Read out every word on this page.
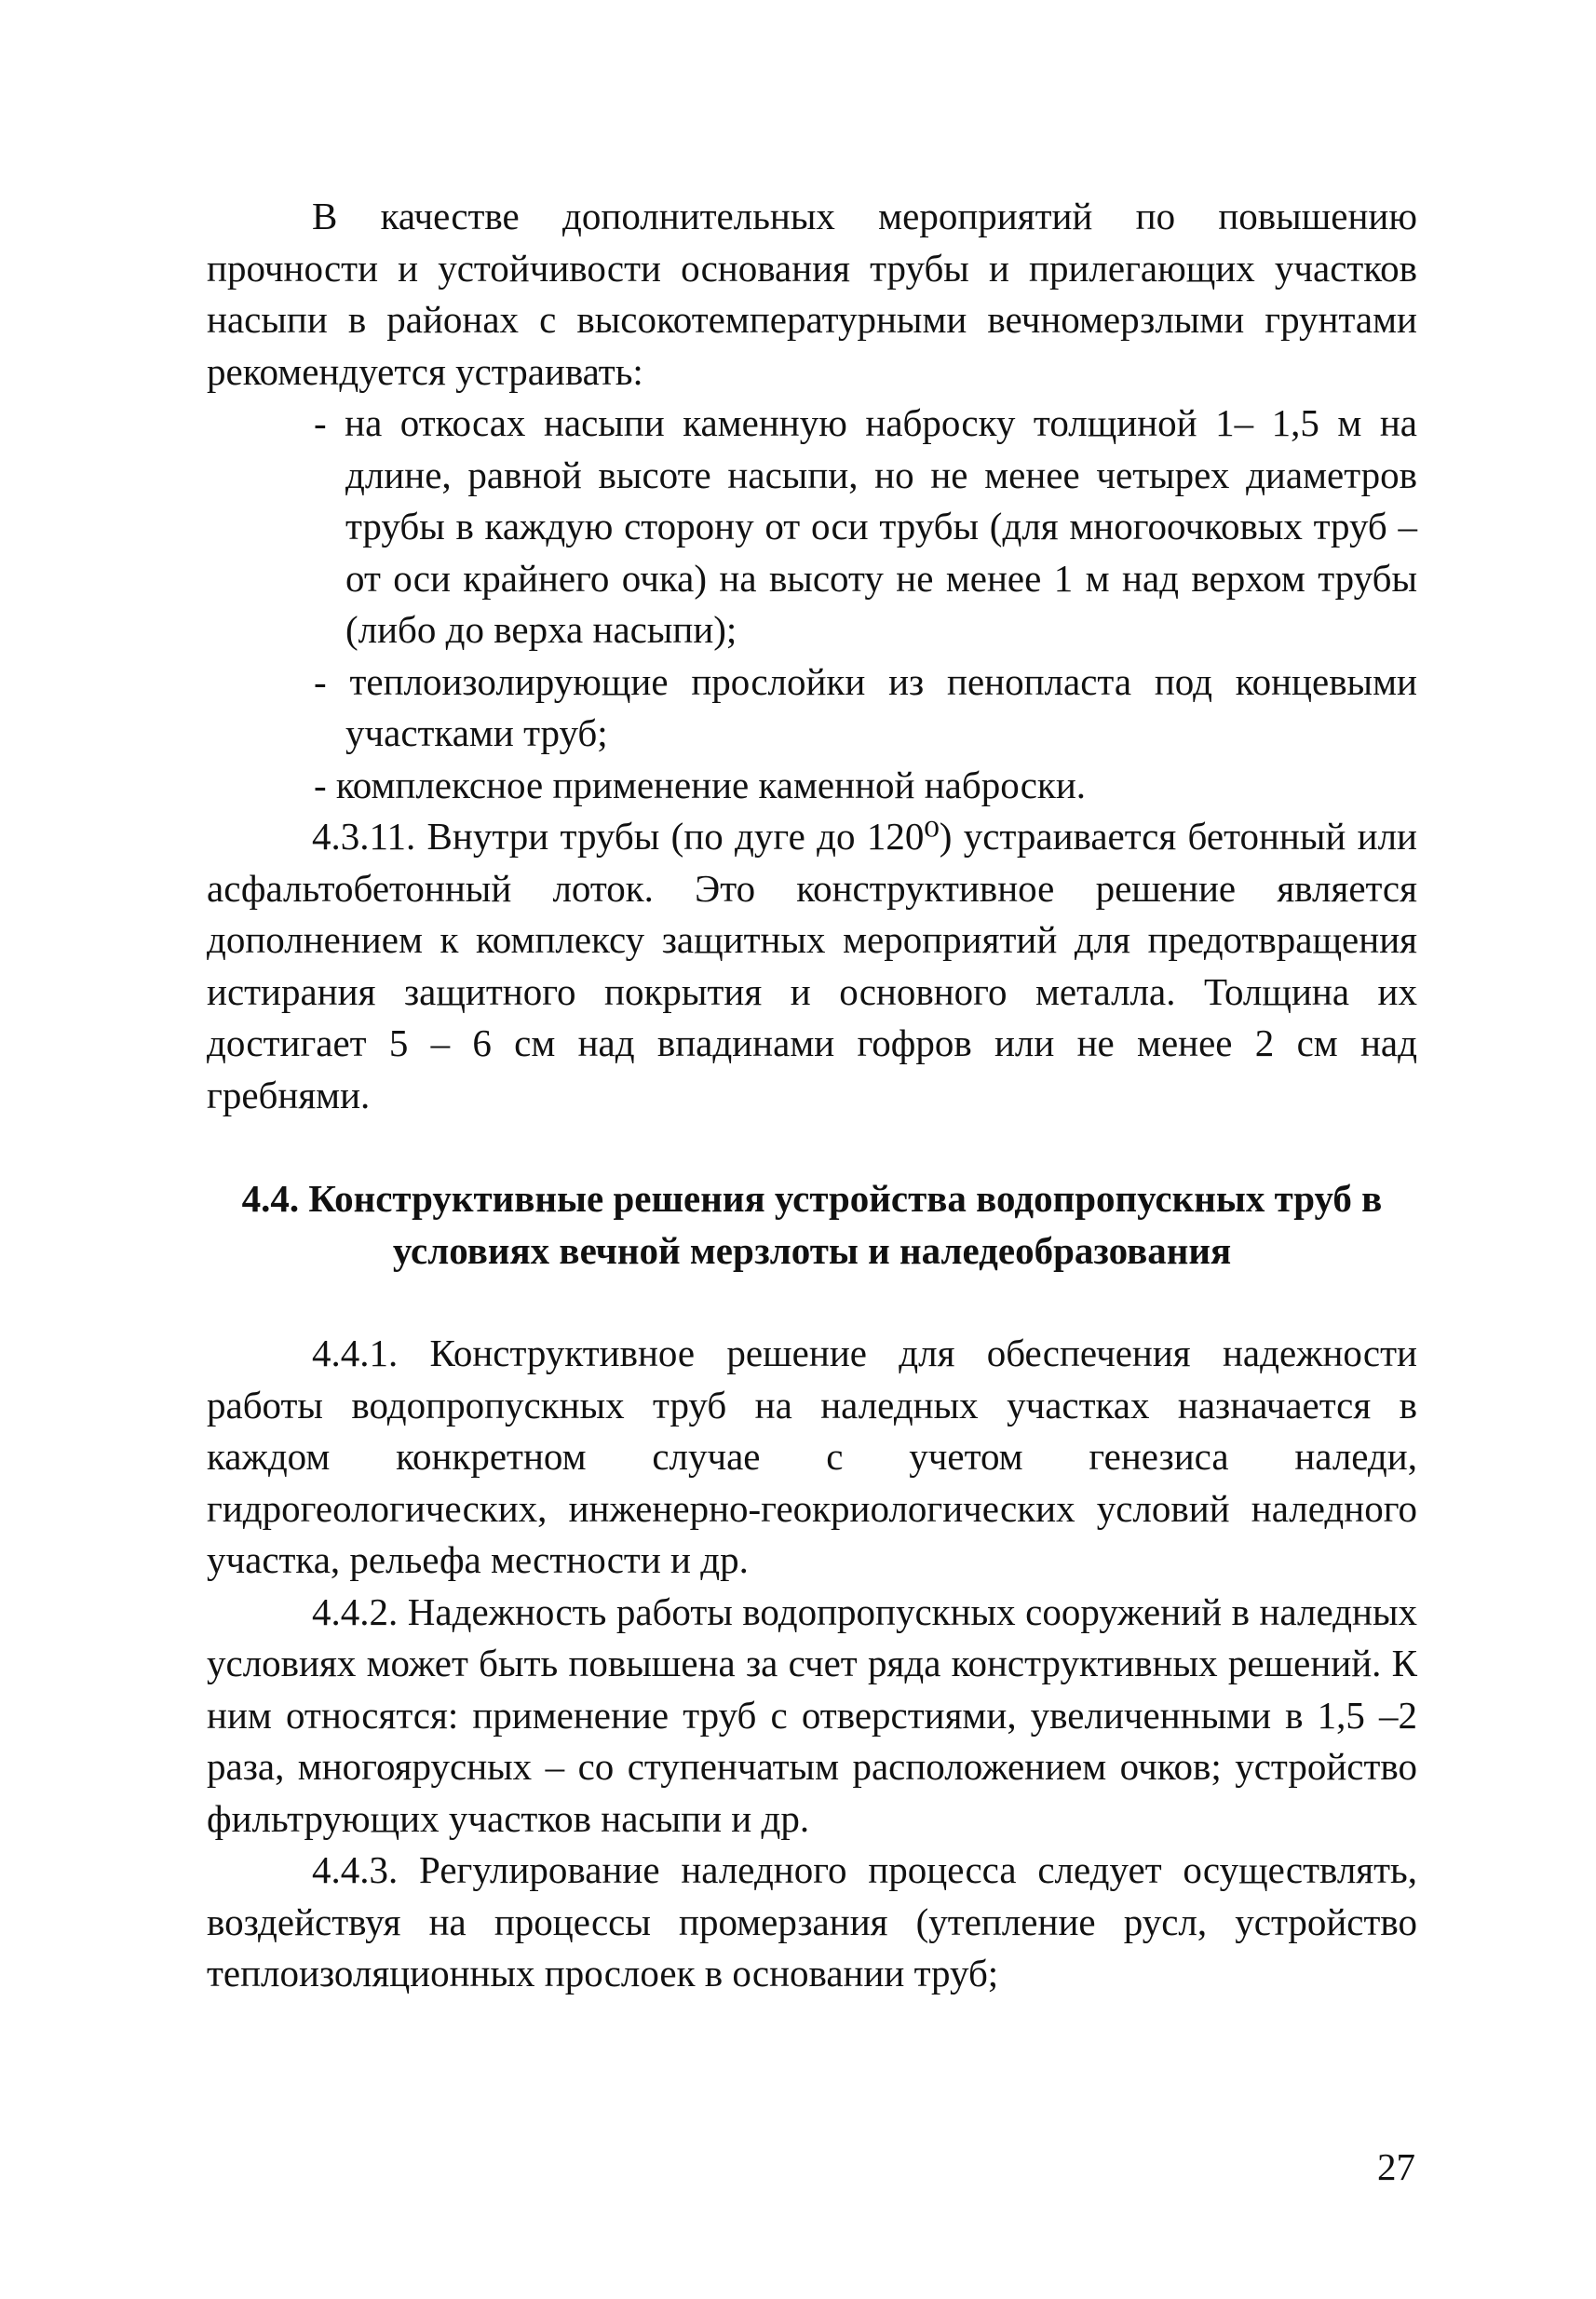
В качестве дополнительных мероприятий по повышению прочности и устойчивости основания трубы и прилегающих участков насыпи в районах с высокотемпературными вечномерзлыми грунтами рекомендуется устраивать:

- на откосах насыпи каменную наброску толщиной 1– 1,5 м на длине, равной высоте насыпи, но не менее четырех диаметров трубы в каждую сторону от оси трубы (для многоочковых труб – от оси крайнего очка) на высоту не менее 1 м над верхом трубы (либо до верха насыпи);
- теплоизолирующие прослойки из пенопласта под концевыми участками труб;
- комплексное применение каменной наброски.

4.3.11. Внутри трубы (по дуге до 120⁰) устраивается бетонный или асфальтобетонный лоток. Это конструктивное решение является дополнением к комплексу защитных мероприятий для предотвращения истирания защитного покрытия и основного металла. Толщина их достигает 5 – 6 см над впадинами гофров или не менее 2 см над гребнями.

4.4. Конструктивные решения устройства водопропускных труб в условиях вечной мерзлоты и наледеобразования

4.4.1. Конструктивное решение для обеспечения надежности работы водопропускных труб на наледных участках назначается в каждом конкретном случае с учетом генезиса наледи, гидрогеологических, инженерно-геокриологических условий наледного участка, рельефа местности и др.

4.4.2. Надежность работы водопропускных сооружений в наледных условиях может быть повышена за счет ряда конструктивных решений. К ним относятся: применение труб с отверстиями, увеличенными в 1,5 –2 раза, многоярусных – со ступенчатым расположением очков; устройство фильтрующих участков насыпи и др.

4.4.3. Регулирование наледного процесса следует осуществлять, воздействуя на процессы промерзания (утепление русл, устройство теплоизоляционных прослоек в основании труб;

27
